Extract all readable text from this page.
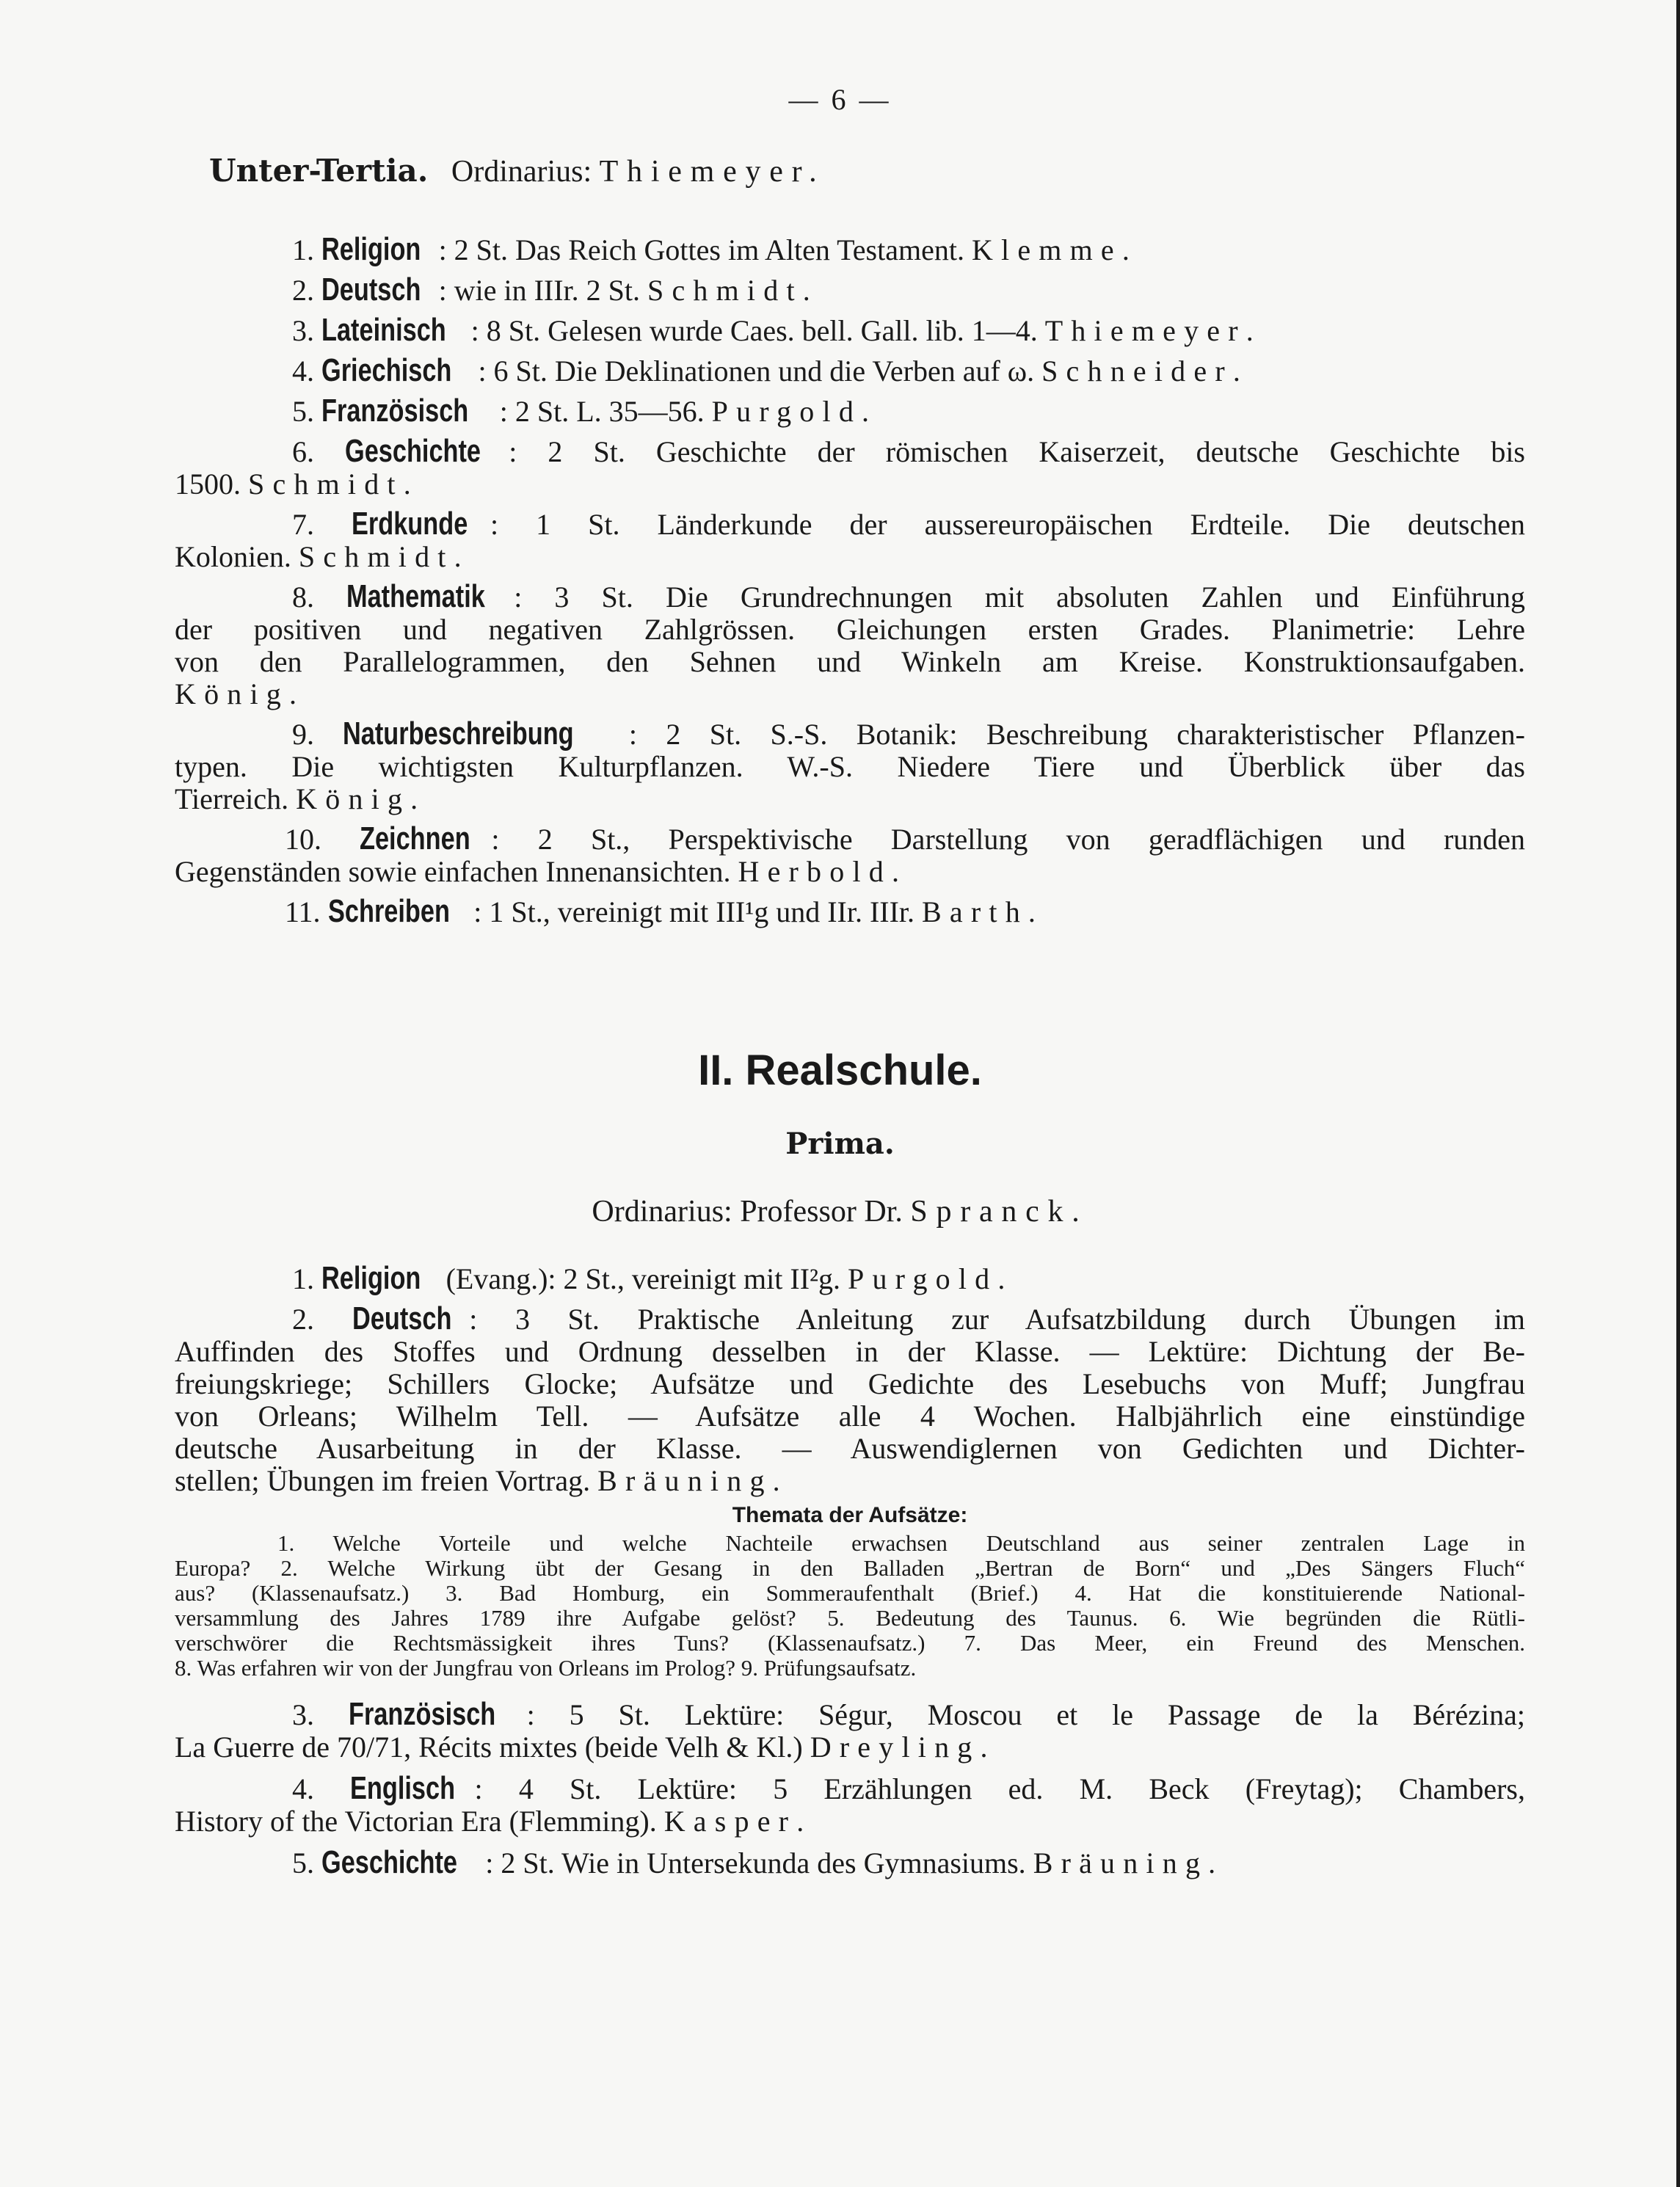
— 6 —
Unter-Tertia. Ordinarius: Thiemeyer.

1. Religion : 2 St. Das Reich Gottes im Alten Testament. Klemme.

2. Deutsch : wie in IIIr. 2 St. Schmidt.

3. Lateinisch : 8 St. Gelesen wurde Caes. bell. Gall. lib. 1—4. Thiemeyer.

4. Griechisch : 6 St. Die Deklinationen und die Verben auf ω. Schneider.

5. Französisch : 2 St. L. 35—56. Purgold.

6. Geschichte : 2 St. Geschichte der römischen Kaiserzeit, deutsche Geschichte bis

1500. Schmidt.

7. Erdkunde : 1 St. Länderkunde der aussereuropäischen Erdteile. Die deutschen

Kolonien. Schmidt.

8. Mathematik : 3 St. Die Grundrechnungen mit absoluten Zahlen und Einführung

der positiven und negativen Zahlgrössen. Gleichungen ersten Grades. Planimetrie: Lehre

von den Parallelogrammen, den Sehnen und Winkeln am Kreise. Konstruktionsaufgaben.

König.

9. Naturbeschreibung : 2 St. S.-S. Botanik: Beschreibung charakteristischer Pflanzen-

typen. Die wichtigsten Kulturpflanzen. W.-S. Niedere Tiere und Überblick über das

Tierreich. König.

10. Zeichnen : 2 St., Perspektivische Darstellung von geradflächigen und runden

Gegenständen sowie einfachen Innenansichten. Herbold.

11. Schreiben : 1 St., vereinigt mit III¹g und IIr. IIIr. Barth.

II. Realschule.
Prima.
Ordinarius: Professor Dr. Spranck.

1. Religion (Evang.): 2 St., vereinigt mit II²g. Purgold.

2. Deutsch : 3 St. Praktische Anleitung zur Aufsatzbildung durch Übungen im

Auffinden des Stoffes und Ordnung desselben in der Klasse. — Lektüre: Dichtung der Be-

freiungskriege; Schillers Glocke; Aufsätze und Gedichte des Lesebuchs von Muff; Jungfrau

von Orleans; Wilhelm Tell. — Aufsätze alle 4 Wochen. Halbjährlich eine einstündige

deutsche Ausarbeitung in der Klasse. — Auswendiglernen von Gedichten und Dichter-

stellen; Übungen im freien Vortrag. Bräuning.

Themata der Aufsätze:

1. Welche Vorteile und welche Nachteile erwachsen Deutschland aus seiner zentralen Lage in

Europa? 2. Welche Wirkung übt der Gesang in den Balladen „Bertran de Born“ und „Des Sängers Fluch“

aus? (Klassenaufsatz.) 3. Bad Homburg, ein Sommeraufenthalt (Brief.) 4. Hat die konstituierende National-

versammlung des Jahres 1789 ihre Aufgabe gelöst? 5. Bedeutung des Taunus. 6. Wie begründen die Rütli-

verschwörer die Rechtsmässigkeit ihres Tuns? (Klassenaufsatz.) 7. Das Meer, ein Freund des Menschen.

8. Was erfahren wir von der Jungfrau von Orleans im Prolog? 9. Prüfungsaufsatz.

3. Französisch : 5 St. Lektüre: Ségur, Moscou et le Passage de la Bérézina;

La Guerre de 70/71, Récits mixtes (beide Velh & Kl.) Dreyling.

4. Englisch : 4 St. Lektüre: 5 Erzählungen ed. M. Beck (Freytag); Chambers,

History of the Victorian Era (Flemming). Kasper.

5. Geschichte : 2 St. Wie in Untersekunda des Gymnasiums. Bräuning.
